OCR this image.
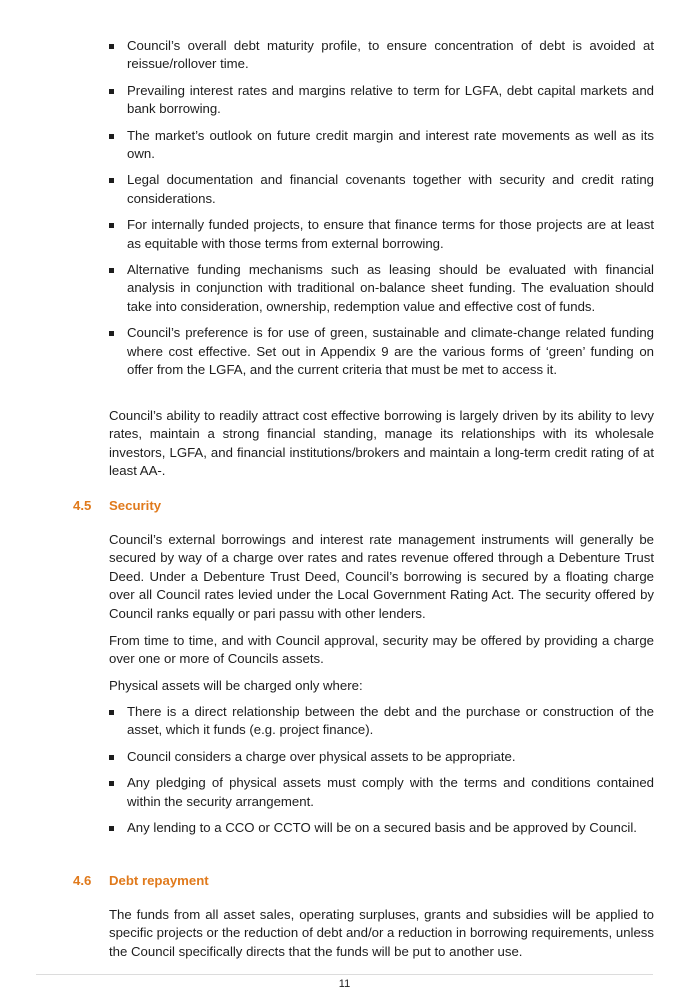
Council’s overall debt maturity profile, to ensure concentration of debt is avoided at reissue/rollover time.
Prevailing interest rates and margins relative to term for LGFA, debt capital markets and bank borrowing.
The market’s outlook on future credit margin and interest rate movements as well as its own.
Legal documentation and financial covenants together with security and credit rating considerations.
For internally funded projects, to ensure that finance terms for those projects are at least as equitable with those terms from external borrowing.
Alternative funding mechanisms such as leasing should be evaluated with financial analysis in conjunction with traditional on-balance sheet funding. The evaluation should take into consideration, ownership, redemption value and effective cost of funds.
Council’s preference is for use of green, sustainable and climate-change related funding where cost effective. Set out in Appendix 9 are the various forms of ‘green’ funding on offer from the LGFA, and the current criteria that must be met to access it.

Council’s ability to readily attract cost effective borrowing is largely driven by its ability to levy rates, maintain a strong financial standing, manage its relationships with its wholesale investors, LGFA, and financial institutions/brokers and maintain a long-term credit rating of at least AA-.

4.5 Security

Council’s external borrowings and interest rate management instruments will generally be secured by way of a charge over rates and rates revenue offered through a Debenture Trust Deed. Under a Debenture Trust Deed, Council’s borrowing is secured by a floating charge over all Council rates levied under the Local Government Rating Act. The security offered by Council ranks equally or pari passu with other lenders.

From time to time, and with Council approval, security may be offered by providing a charge over one or more of Councils assets.

Physical assets will be charged only where:

There is a direct relationship between the debt and the purchase or construction of the asset, which it funds (e.g. project finance).
Council considers a charge over physical assets to be appropriate.
Any pledging of physical assets must comply with the terms and conditions contained within the security arrangement.
Any lending to a CCO or CCTO will be on a secured basis and be approved by Council.
4.6 Debt repayment

The funds from all asset sales, operating surpluses, grants and subsidies will be applied to specific projects or the reduction of debt and/or a reduction in borrowing requirements, unless the Council specifically directs that the funds will be put to another use.

11
